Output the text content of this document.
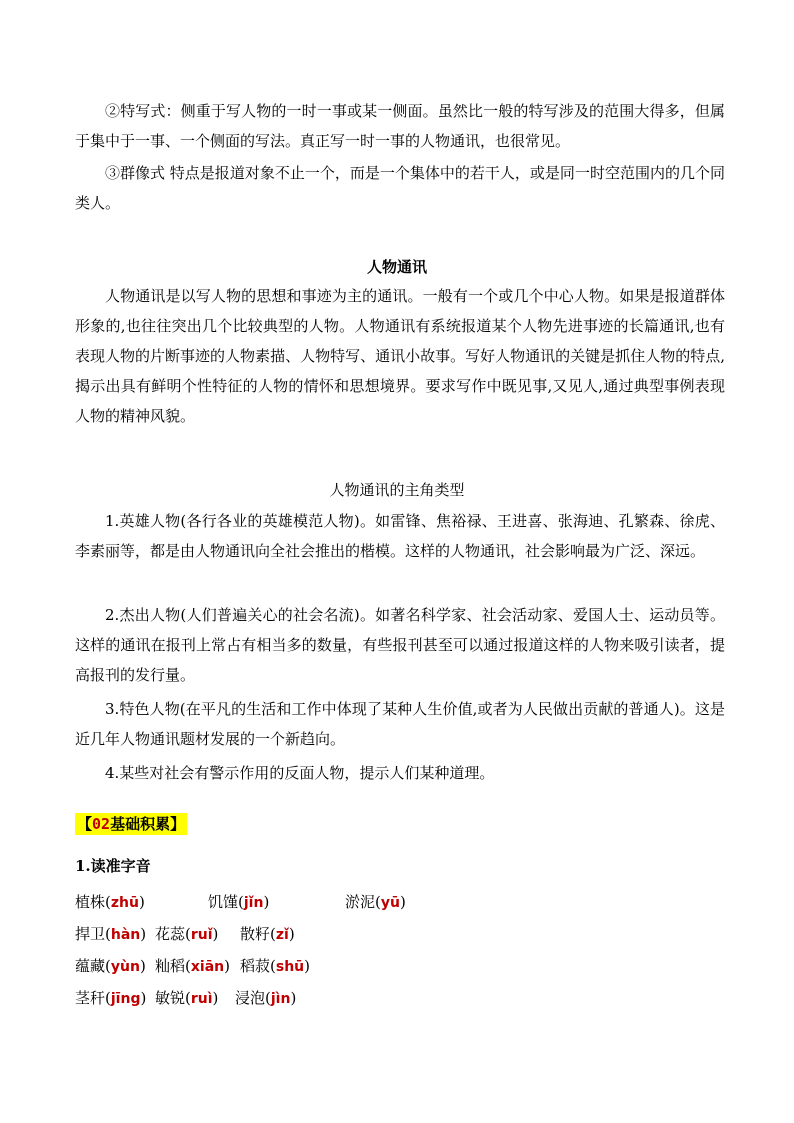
②特写式：侧重于写人物的一时一事或某一侧面。虽然比一般的特写涉及的范围大得多，但属于集中于一事、一个侧面的写法。真正写一时一事的人物通讯，也很常见。

③群像式 特点是报道对象不止一个，而是一个集体中的若干人，或是同一时空范围内的几个同类人。

人物通讯

人物通讯是以写人物的思想和事迹为主的通讯。一般有一个或几个中心人物。如果是报道群体形象的,也往往突出几个比较典型的人物。人物通讯有系统报道某个人物先进事迹的长篇通讯,也有表现人物的片断事迹的人物素描、人物特写、通讯小故事。写好人物通讯的关键是抓住人物的特点,揭示出具有鲜明个性特征的人物的情怀和思想境界。要求写作中既见事,又见人,通过典型事例表现人物的精神风貌。

人物通讯的主角类型

1.英雄人物(各行各业的英雄模范人物)。如雷锋、焦裕禄、王进喜、张海迪、孔繁森、徐虎、李素丽等，都是由人物通讯向全社会推出的楷模。这样的人物通讯，社会影响最为广泛、深远。

2.杰出人物(人们普遍关心的社会名流)。如著名科学家、社会活动家、爱国人士、运动员等。这样的通讯在报刊上常占有相当多的数量，有些报刊甚至可以通过报道这样的人物来吸引读者，提高报刊的发行量。

3.特色人物(在平凡的生活和工作中体现了某种人生价值,或者为人民做出贡献的普通人)。这是近几年人物通讯题材发展的一个新趋向。

4.某些对社会有警示作用的反面人物，提示人们某种道理。

【02基础积累】

1.读准字音

植株(zhū)	饥馑(jǐn)	淤泥(yū)
捍卫(hàn) 花蕊(ruǐ) 散籽(zǐ)
蕴藏(yùn) 籼稻(xiān) 稻菽(shū)
茎秆(jīng) 敏锐(ruì) 浸泡(jìn)
